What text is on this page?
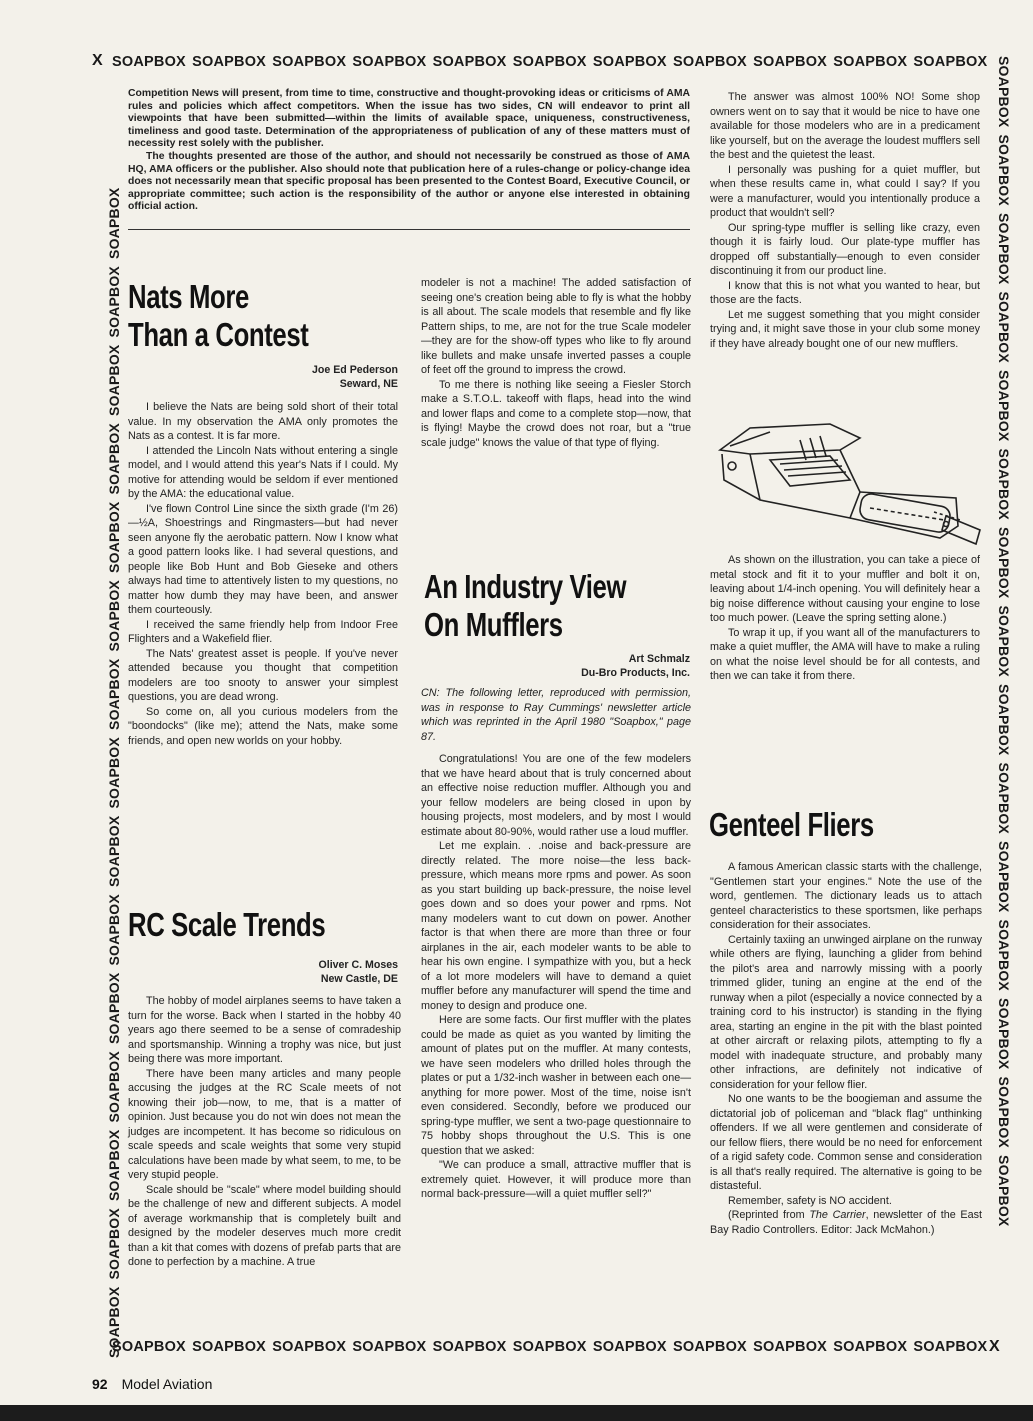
X
X
SOAPBOX SOAPBOX SOAPBOX SOAPBOX SOAPBOX SOAPBOX SOAPBOX SOAPBOX SOAPBOX SOAPBOX SOAPBOX
SOAPBOX SOAPBOX SOAPBOX SOAPBOX SOAPBOX SOAPBOX SOAPBOX SOAPBOX SOAPBOX SOAPBOX SOAPBOX
SOAPBOX SOAPBOX SOAPBOX SOAPBOX SOAPBOX SOAPBOX SOAPBOX SOAPBOX SOAPBOX SOAPBOX SOAPBOX SOAPBOX SOAPBOX SOAPBOX SOAPBOX	SOAPBOX SOAPBOX SOAPBOX SOAPBOX SOAPBOX SOAPBOX SOAPBOX SOAPBOX SOAPBOX SOAPBOX SOAPBOX SOAPBOX SOAPBOX SOAPBOX SOAPBOX

Competition News will present, from time to time, constructive and thought-provoking ideas or criticisms of AMA rules and policies which affect competitors. When the issue has two sides, CN will endeavor to print all viewpoints that have been submitted—within the limits of available space, uniqueness, constructiveness, timeliness and good taste. Determination of the appropriateness of publication of any of these matters must of necessity rest solely with the publisher.

The thoughts presented are those of the author, and should not necessarily be construed as those of AMA HQ, AMA officers or the publisher. Also should note that publication here of a rules-change or policy-change idea does not necessarily mean that specific proposal has been presented to the Contest Board, Executive Council, or appropriate committee; such action is the responsibility of the author or anyone else interested in obtaining official action.

Nats More
Than a Contest
Joe Ed Pederson
Seward, NE

I believe the Nats are being sold short of their total value. In my observation the AMA only promotes the Nats as a contest. It is far more.

I attended the Lincoln Nats without entering a single model, and I would attend this year's Nats if I could. My motive for attending would be seldom if ever mentioned by the AMA: the educational value.

I've flown Control Line since the sixth grade (I'm 26)—½A, Shoestrings and Ringmasters—but had never seen anyone fly the aerobatic pattern. Now I know what a good pattern looks like. I had several questions, and people like Bob Hunt and Bob Gieseke and others always had time to attentively listen to my questions, no matter how dumb they may have been, and answer them courteously.

I received the same friendly help from Indoor Free Flighters and a Wakefield flier.

The Nats' greatest asset is people. If you've never attended because you thought that competition modelers are too snooty to answer your simplest questions, you are dead wrong.

So come on, all you curious modelers from the "boondocks" (like me); attend the Nats, make some friends, and open new worlds on your hobby.

RC Scale Trends
Oliver C. Moses
New Castle, DE

The hobby of model airplanes seems to have taken a turn for the worse. Back when I started in the hobby 40 years ago there seemed to be a sense of comradeship and sportsmanship. Winning a trophy was nice, but just being there was more important.

There have been many articles and many people accusing the judges at the RC Scale meets of not knowing their job—now, to me, that is a matter of opinion. Just because you do not win does not mean the judges are incompetent. It has become so ridiculous on scale speeds and scale weights that some very stupid calculations have been made by what seem, to me, to be very stupid people.

Scale should be "scale" where model building should be the challenge of new and different subjects. A model of average workmanship that is completely built and designed by the modeler deserves much more credit than a kit that comes with dozens of prefab parts that are done to perfection by a machine. A true

modeler is not a machine! The added satisfaction of seeing one's creation being able to fly is what the hobby is all about. The scale models that resemble and fly like Pattern ships, to me, are not for the true Scale modeler—they are for the show-off types who like to fly around like bullets and make unsafe inverted passes a couple of feet off the ground to impress the crowd.

To me there is nothing like seeing a Fiesler Storch make a S.T.O.L. takeoff with flaps, head into the wind and lower flaps and come to a complete stop—now, that is flying! Maybe the crowd does not roar, but a "true scale judge" knows the value of that type of flying.

An Industry View
On Mufflers
Art Schmalz
Du-Bro Products, Inc.

CN: The following letter, reproduced with permission, was in response to Ray Cummings' newsletter article which was reprinted in the April 1980 "Soapbox," page 87.

Congratulations! You are one of the few modelers that we have heard about that is truly concerned about an effective noise reduction muffler. Although you and your fellow modelers are being closed in upon by housing projects, most modelers, and by most I would estimate about 80-90%, would rather use a loud muffler.

Let me explain. . .noise and back-pressure are directly related. The more noise—the less back-pressure, which means more rpms and power. As soon as you start building up back-pressure, the noise level goes down and so does your power and rpms. Not many modelers want to cut down on power. Another factor is that when there are more than three or four airplanes in the air, each modeler wants to be able to hear his own engine. I sympathize with you, but a heck of a lot more modelers will have to demand a quiet muffler before any manufacturer will spend the time and money to design and produce one.

Here are some facts. Our first muffler with the plates could be made as quiet as you wanted by limiting the amount of plates put on the muffler. At many contests, we have seen modelers who drilled holes through the plates or put a 1/32-inch washer in between each one—anything for more power. Most of the time, noise isn't even considered. Secondly, before we produced our spring-type muffler, we sent a two-page questionnaire to 75 hobby shops throughout the U.S. This is one question that we asked:

"We can produce a small, attractive muffler that is extremely quiet. However, it will produce more than normal back-pressure—will a quiet muffler sell?"

The answer was almost 100% NO! Some shop owners went on to say that it would be nice to have one available for those modelers who are in a predicament like yourself, but on the average the loudest mufflers sell the best and the quietest the least.

I personally was pushing for a quiet muffler, but when these results came in, what could I say? If you were a manufacturer, would you intentionally produce a product that wouldn't sell?

Our spring-type muffler is selling like crazy, even though it is fairly loud. Our plate-type muffler has dropped off substantially—enough to even consider discontinuing it from our product line.

I know that this is not what you wanted to hear, but those are the facts.

Let me suggest something that you might consider trying and, it might save those in your club some money if they have already bought one of our new mufflers.

As shown on the illustration, you can take a piece of metal stock and fit it to your muffler and bolt it on, leaving about 1/4-inch opening. You will definitely hear a big noise difference without causing your engine to lose too much power. (Leave the spring setting alone.)

To wrap it up, if you want all of the manufacturers to make a quiet muffler, the AMA will have to make a ruling on what the noise level should be for all contests, and then we can take it from there.

Genteel Fliers

A famous American classic starts with the challenge, "Gentlemen start your engines." Note the use of the word, gentlemen. The dictionary leads us to attach genteel characteristics to these sportsmen, like perhaps consideration for their associates.

Certainly taxiing an unwinged airplane on the runway while others are flying, launching a glider from behind the pilot's area and narrowly missing with a poorly trimmed glider, tuning an engine at the end of the runway when a pilot (especially a novice connected by a training cord to his instructor) is standing in the flying area, starting an engine in the pit with the blast pointed at other aircraft or relaxing pilots, attempting to fly a model with inadequate structure, and probably many other infractions, are definitely not indicative of consideration for your fellow flier.

No one wants to be the boogieman and assume the dictatorial job of policeman and "black flag" unthinking offenders. If we all were gentlemen and considerate of our fellow fliers, there would be no need for enforcement of a rigid safety code. Common sense and consideration is all that's really required. The alternative is going to be distasteful.

Remember, safety is NO accident.

(Reprinted from The Carrier, newsletter of the East Bay Radio Controllers. Editor: Jack McMahon.)

92 Model Aviation
